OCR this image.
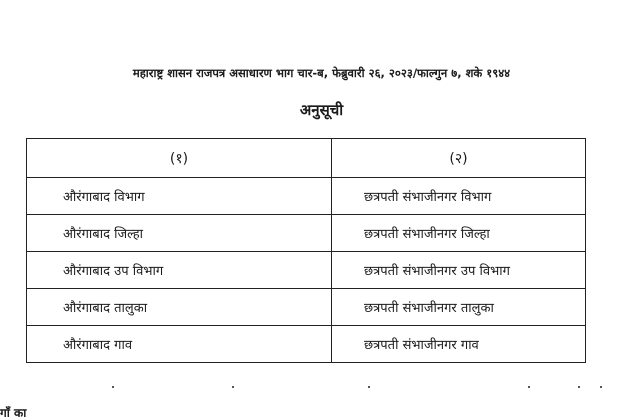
महाराष्ट्र शासन राजपत्र असाधारण भाग चार-ब, फेब्रुवारी २६, २०२३/फाल्गुन ७, शके १९४४
अनुसूची
(१)	(२)
औरंगाबाद विभाग	छत्रपती संभाजीनगर विभाग
औरंगाबाद जिल्हा	छत्रपती संभाजीनगर जिल्हा
औरंगाबाद उप विभाग	छत्रपती संभाजीनगर उप विभाग
औरंगाबाद तालुका	छत्रपती संभाजीनगर तालुका
औरंगाबाद गाव	छत्रपती संभाजीनगर गाव
गाँ का
